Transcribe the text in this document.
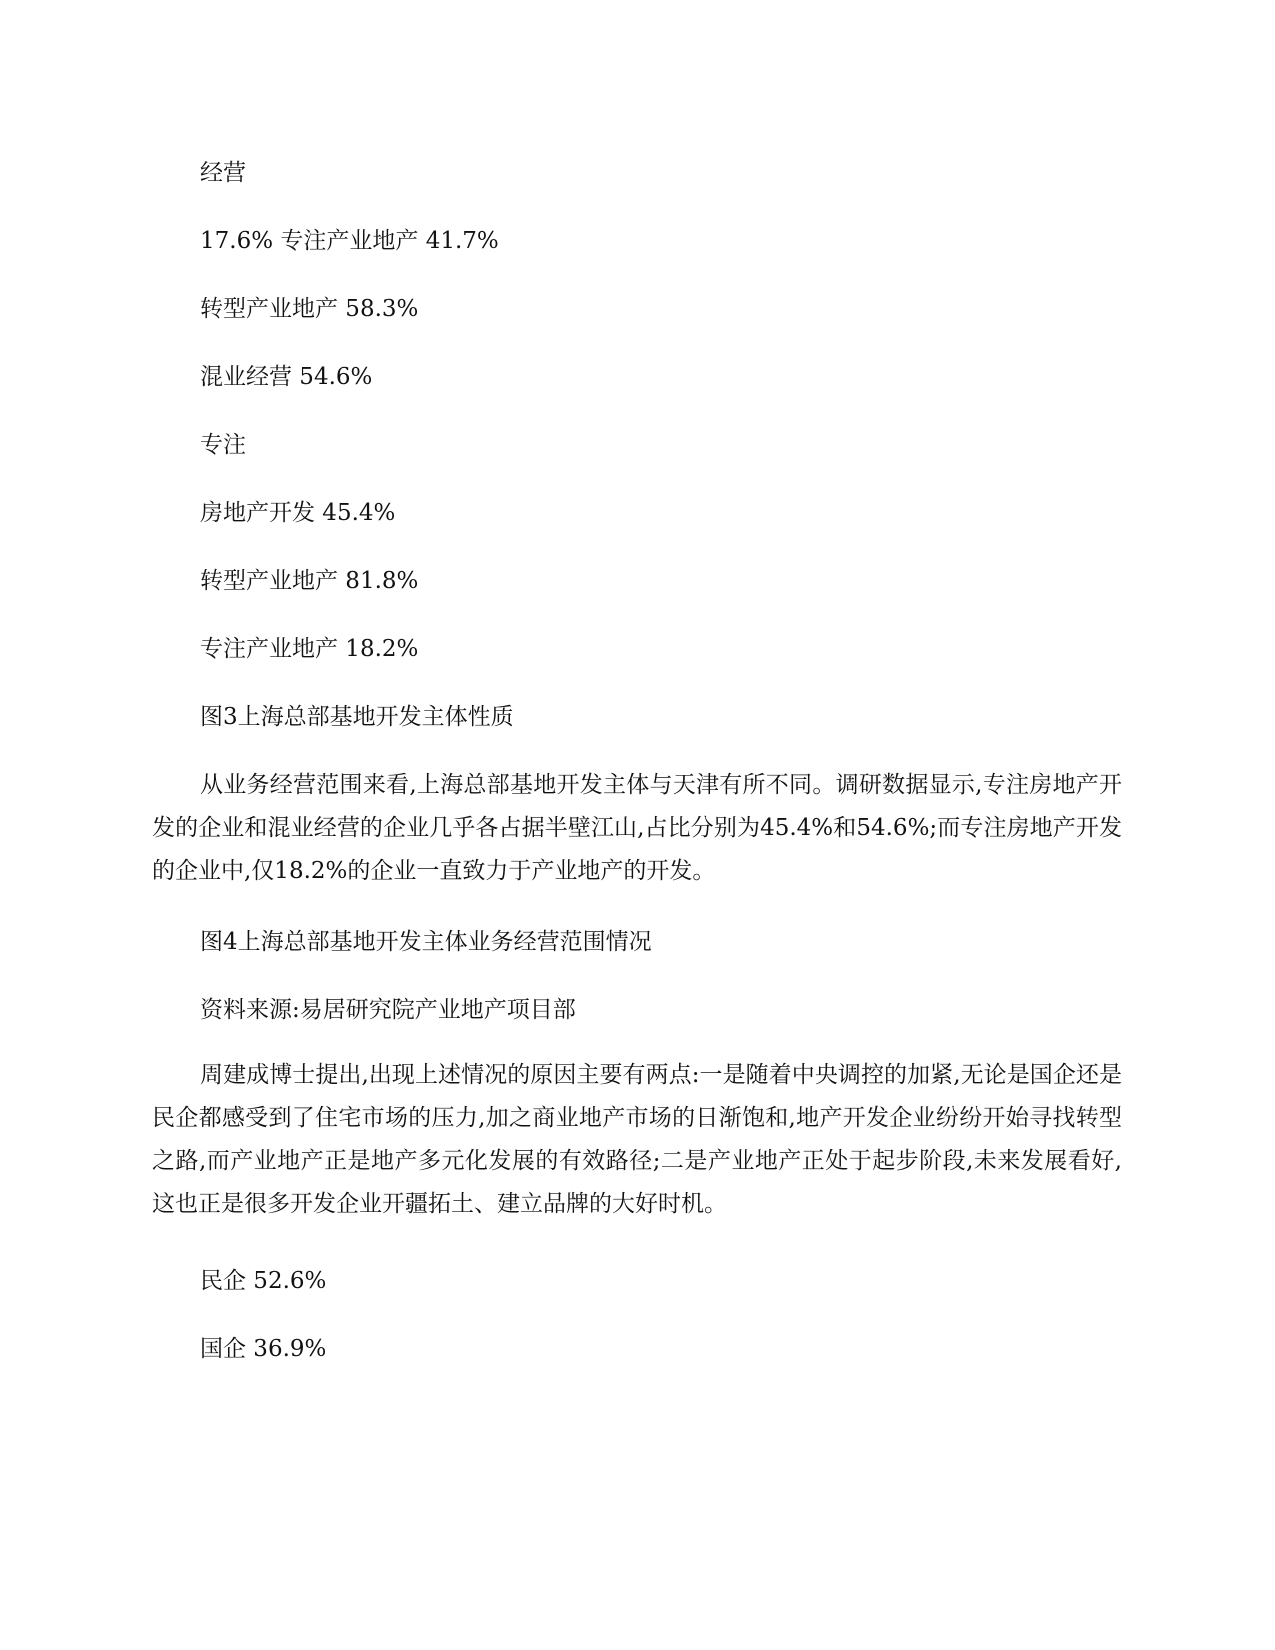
经营
17.6% 专注产业地产 41.7%
转型产业地产 58.3%
混业经营 54.6%
专注
房地产开发 45.4%
转型产业地产 81.8%
专注产业地产 18.2%
图3上海总部基地开发主体性质
从业务经营范围来看,上海总部基地开发主体与天津有所不同。调研数据显示,专注房地产开发的企业和混业经营的企业几乎各占据半壁江山,占比分别为45.4%和54.6%;而专注房地产开发的企业中,仅18.2%的企业一直致力于产业地产的开发。
图4上海总部基地开发主体业务经营范围情况
资料来源:易居研究院产业地产项目部
周建成博士提出,出现上述情况的原因主要有两点:一是随着中央调控的加紧,无论是国企还是民企都感受到了住宅市场的压力,加之商业地产市场的日渐饱和,地产开发企业纷纷开始寻找转型之路,而产业地产正是地产多元化发展的有效路径;二是产业地产正处于起步阶段,未来发展看好,这也正是很多开发企业开疆拓土、建立品牌的大好时机。
民企 52.6%
国企 36.9%
